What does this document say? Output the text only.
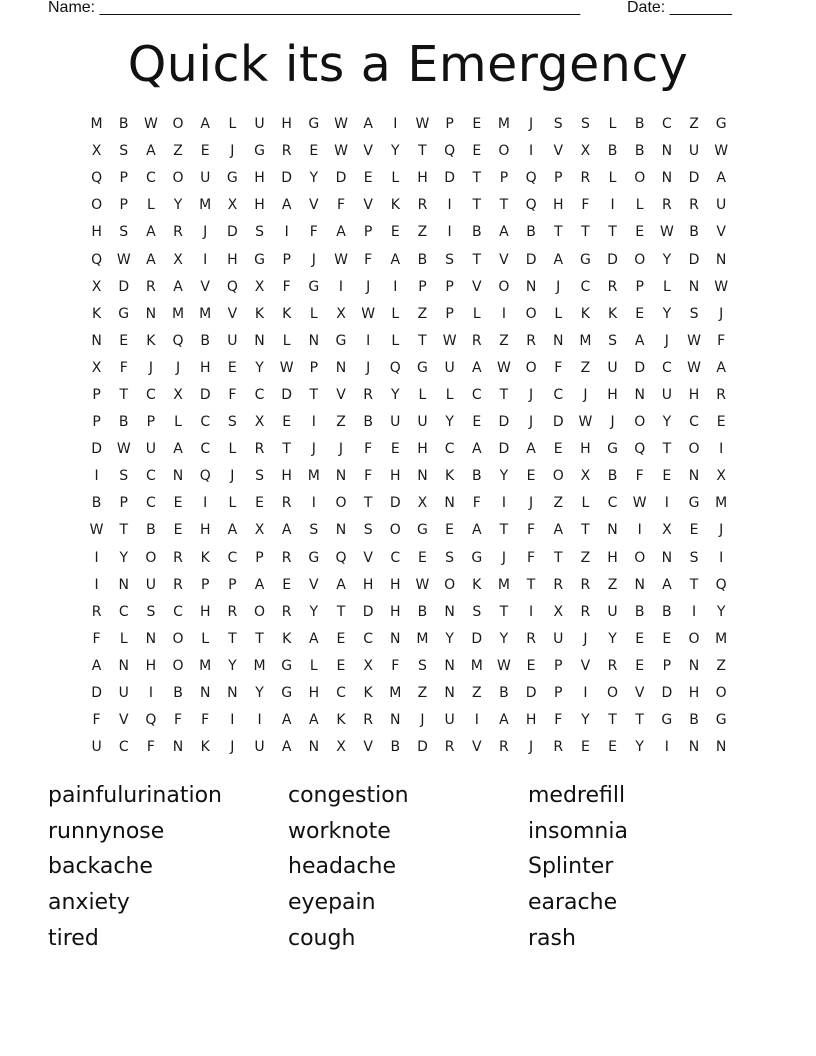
Name: ______________________________________________________	Date: _______
Quick its a Emergency
M	B	W	O	A	L	U	H	G	W	A	I	W	P	E	M	J	S	S	L	B	C	Z	G
X	S	A	Z	E	J	G	R	E	W	V	Y	T	Q	E	O	I	V	X	B	B	N	U	W
Q	P	C	O	U	G	H	D	Y	D	E	L	H	D	T	P	Q	P	R	L	O	N	D	A
O	P	L	Y	M	X	H	A	V	F	V	K	R	I	T	T	Q	H	F	I	L	R	R	U
H	S	A	R	J	D	S	I	F	A	P	E	Z	I	B	A	B	T	T	T	E	W	B	V
Q	W	A	X	I	H	G	P	J	W	F	A	B	S	T	V	D	A	G	D	O	Y	D	N
X	D	R	A	V	Q	X	F	G	I	J	I	P	P	V	O	N	J	C	R	P	L	N	W
K	G	N	M	M	V	K	K	L	X	W	L	Z	P	L	I	O	L	K	K	E	Y	S	J
N	E	K	Q	B	U	N	L	N	G	I	L	T	W	R	Z	R	N	M	S	A	J	W	F
X	F	J	J	H	E	Y	W	P	N	J	Q	G	U	A	W	O	F	Z	U	D	C	W	A
P	T	C	X	D	F	C	D	T	V	R	Y	L	L	C	T	J	C	J	H	N	U	H	R
P	B	P	L	C	S	X	E	I	Z	B	U	U	Y	E	D	J	D	W	J	O	Y	C	E
D	W	U	A	C	L	R	T	J	J	F	E	H	C	A	D	A	E	H	G	Q	T	O	I
I	S	C	N	Q	J	S	H	M	N	F	H	N	K	B	Y	E	O	X	B	F	E	N	X
B	P	C	E	I	L	E	R	I	O	T	D	X	N	F	I	J	Z	L	C	W	I	G	M
W	T	B	E	H	A	X	A	S	N	S	O	G	E	A	T	F	A	T	N	I	X	E	J
I	Y	O	R	K	C	P	R	G	Q	V	C	E	S	G	J	F	T	Z	H	O	N	S	I
I	N	U	R	P	P	A	E	V	A	H	H	W	O	K	M	T	R	R	Z	N	A	T	Q
R	C	S	C	H	R	O	R	Y	T	D	H	B	N	S	T	I	X	R	U	B	B	I	Y
F	L	N	O	L	T	T	K	A	E	C	N	M	Y	D	Y	R	U	J	Y	E	E	O	M
A	N	H	O	M	Y	M	G	L	E	X	F	S	N	M	W	E	P	V	R	E	P	N	Z
D	U	I	B	N	N	Y	G	H	C	K	M	Z	N	Z	B	D	P	I	O	V	D	H	O
F	V	Q	F	F	I	I	A	A	K	R	N	J	U	I	A	H	F	Y	T	T	G	B	G
U	C	F	N	K	J	U	A	N	X	V	B	D	R	V	R	J	R	E	E	Y	I	N	N
painfulurination	congestion	medrefill
runnynose	worknote	insomnia
backache	headache	Splinter
anxiety	eyepain	earache
tired	cough	rash
